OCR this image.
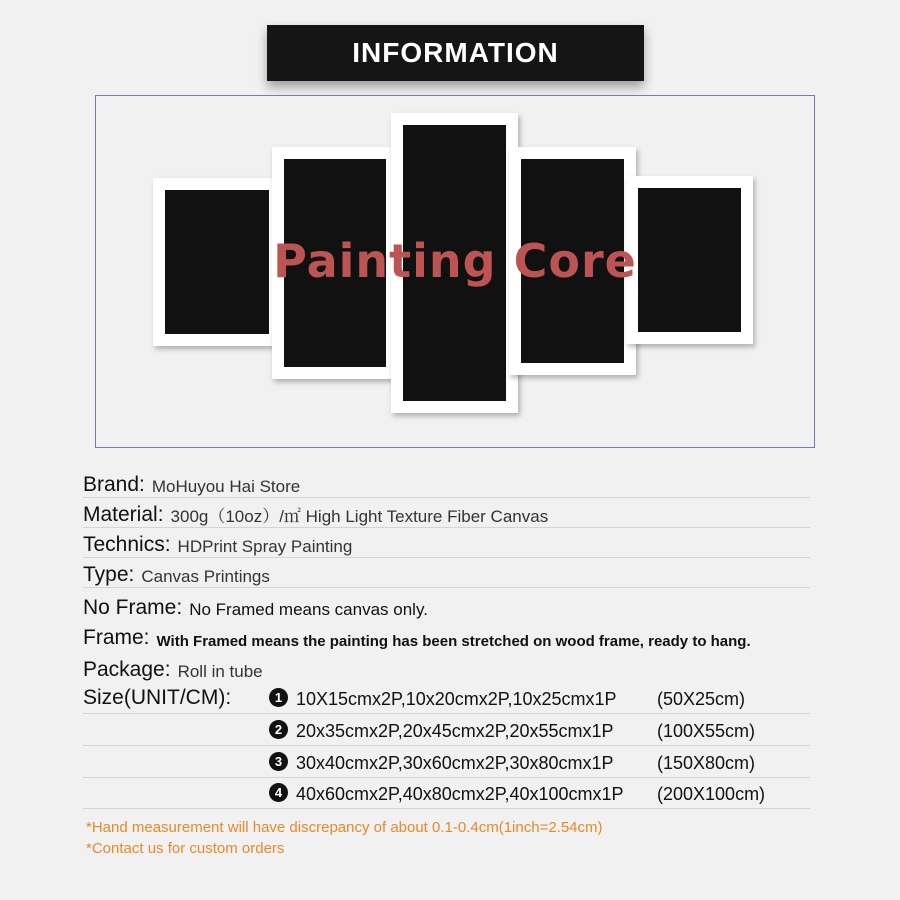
INFORMATION
Painting Core
Brand: MoHuyou Hai Store
Material: 300g（10oz）/㎡ High Light Texture Fiber Canvas
Technics: HDPrint Spray Painting
Type: Canvas Printings
No Frame: No Framed means canvas only.
Frame: With Framed means the painting has been stretched on wood frame, ready to hang.
Package: Roll in tube
Size(UNIT/CM):	1 10X15cmx2P,10x20cmx2P,10x25cmx1P (50X25cm)
2 20x35cmx2P,20x45cmx2P,20x55cmx1P (100X55cm)
3 30x40cmx2P,30x60cmx2P,30x80cmx1P (150X80cm)
4 40x60cmx2P,40x80cmx2P,40x100cmx1P (200X100cm)
*Hand measurement will have discrepancy of about 0.1-0.4cm(1inch=2.54cm)
*Contact us for custom orders
